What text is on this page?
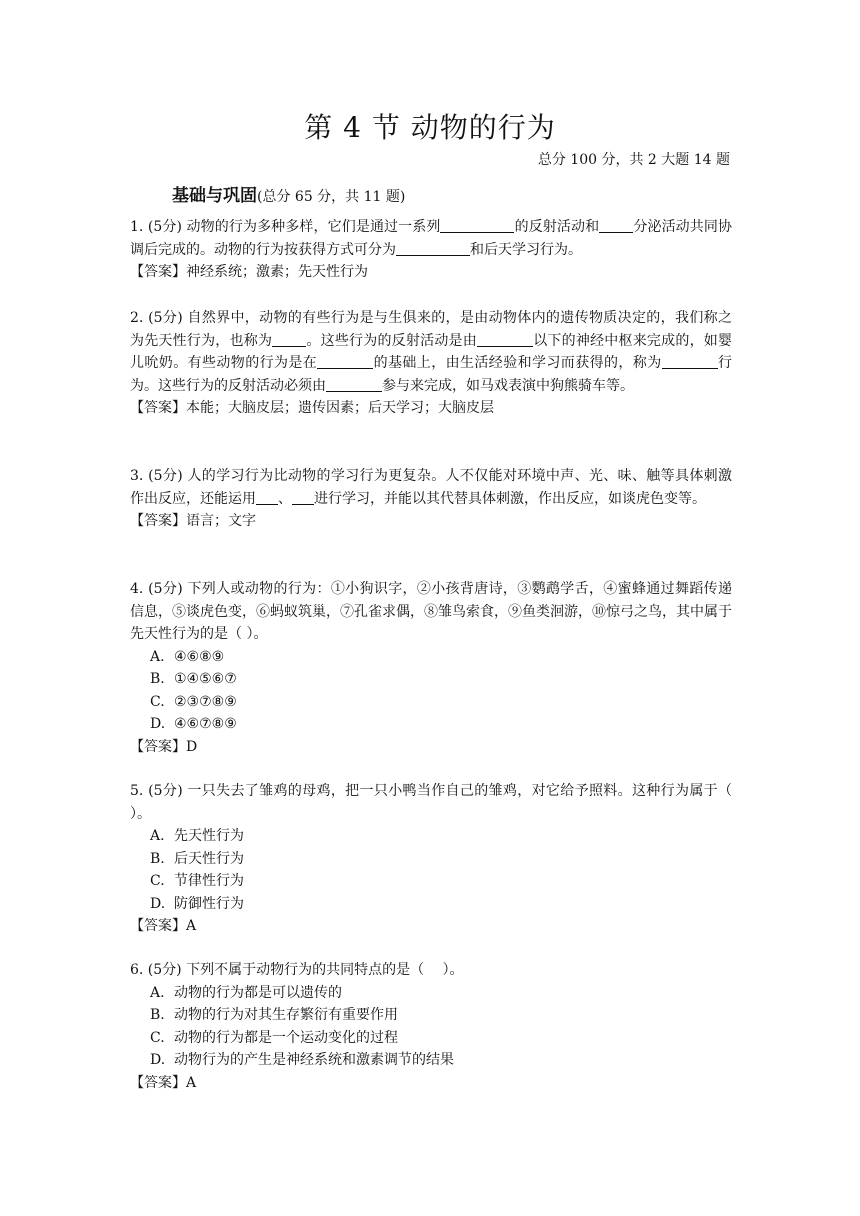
第 4 节 动物的行为
总分 100 分，共 2 大题 14 题
基础与巩固(总分 65 分，共 11 题)
1. (5分) 动物的行为多种多样，它们是通过一系列	的反射活动和 分泌活动共同协调后完成的。动物的行为按获得方式可分为	和后天学习行为。
【答案】神经系统；激素；先天性行为
2. (5分) 自然界中，动物的有些行为是与生俱来的，是由动物体内的遗传物质决定的，我们称之为先天性行为，也称为 。这些行为的反射活动是由	以下的神经中枢来完成的，如婴儿吮奶。有些动物的行为是在	的基础上，由生活经验和学习而获得的，称为	行为。这些行为的反射活动必须由	参与来完成，如马戏表演中狗熊骑车等。
【答案】本能；大脑皮层；遗传因素；后天学习；大脑皮层
3. (5分) 人的学习行为比动物的学习行为更复杂。人不仅能对环境中声、光、味、触等具体刺激作出反应，还能运用 、 进行学习，并能以其代替具体刺激，作出反应，如谈虎色变等。
【答案】语言；文字
4. (5分) 下列人或动物的行为：①小狗识字，②小孩背唐诗，③鹦鹉学舌，④蜜蜂通过舞蹈传递信息，⑤谈虎色变，⑥蚂蚁筑巢，⑦孔雀求偶，⑧雏鸟索食，⑨鱼类洄游，⑩惊弓之鸟，其中属于先天性行为的是（ ）。
A. ④⑥⑧⑨
B. ①④⑤⑥⑦
C. ②③⑦⑧⑨
D. ④⑥⑦⑧⑨
【答案】D
5. (5分) 一只失去了雏鸡的母鸡，把一只小鸭当作自己的雏鸡，对它给予照料。这种行为属于（　 ）。
A. 先天性行为
B. 后天性行为
C. 节律性行为
D. 防御性行为
【答案】A
6. (5分) 下列不属于动物行为的共同特点的是（　 ）。
A. 动物的行为都是可以遗传的
B. 动物的行为对其生存繁衍有重要作用
C. 动物的行为都是一个运动变化的过程
D. 动物行为的产生是神经系统和激素调节的结果
【答案】A
